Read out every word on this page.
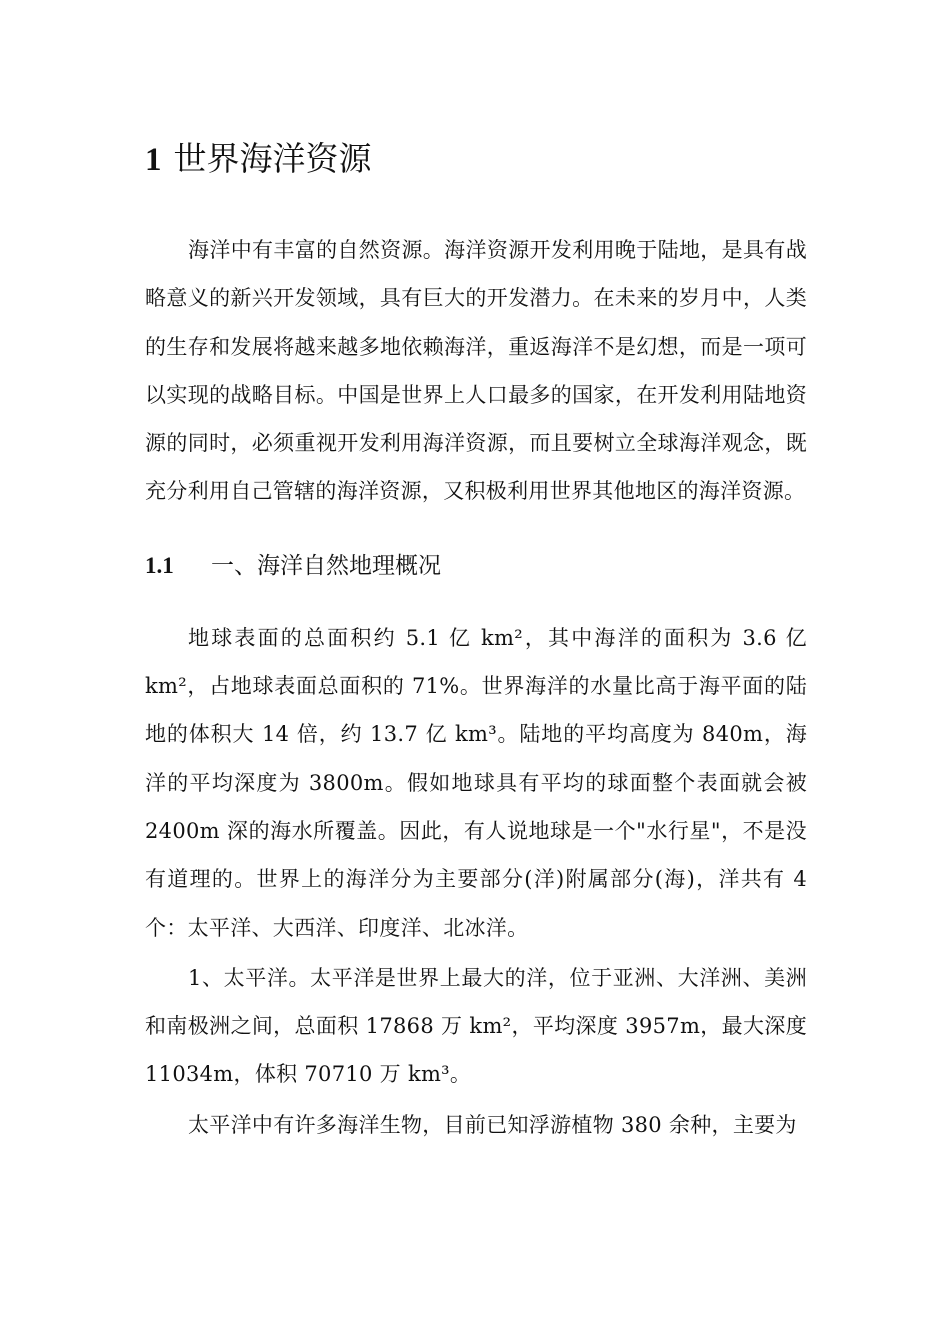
1 世界海洋资源

海洋中有丰富的自然资源。海洋资源开发利用晚于陆地，是具有战略意义的新兴开发领域，具有巨大的开发潜力。在未来的岁月中，人类的生存和发展将越来越多地依赖海洋，重返海洋不是幻想，而是一项可以实现的战略目标。中国是世界上人口最多的国家，在开发利用陆地资源的同时，必须重视开发利用海洋资源，而且要树立全球海洋观念，既充分利用自己管辖的海洋资源，又积极利用世界其他地区的海洋资源。

1.1 一、海洋自然地理概况

地球表面的总面积约 5.1 亿 km²，其中海洋的面积为 3.6 亿 km²，占地球表面总面积的 71%。世界海洋的水量比高于海平面的陆地的体积大 14 倍，约 13.7 亿 km³。陆地的平均高度为 840m，海洋的平均深度为 3800m。假如地球具有平均的球面整个表面就会被 2400m 深的海水所覆盖。因此，有人说地球是一个"水行星"，不是没有道理的。世界上的海洋分为主要部分(洋)附属部分(海)，洋共有 4 个：太平洋、大西洋、印度洋、北冰洋。

1、太平洋。太平洋是世界上最大的洋，位于亚洲、大洋洲、美洲和南极洲之间，总面积 17868 万 km²，平均深度 3957m，最大深度 11034m，体积 70710 万 km³。

太平洋中有许多海洋生物，目前已知浮游植物 380 余种，主要为
